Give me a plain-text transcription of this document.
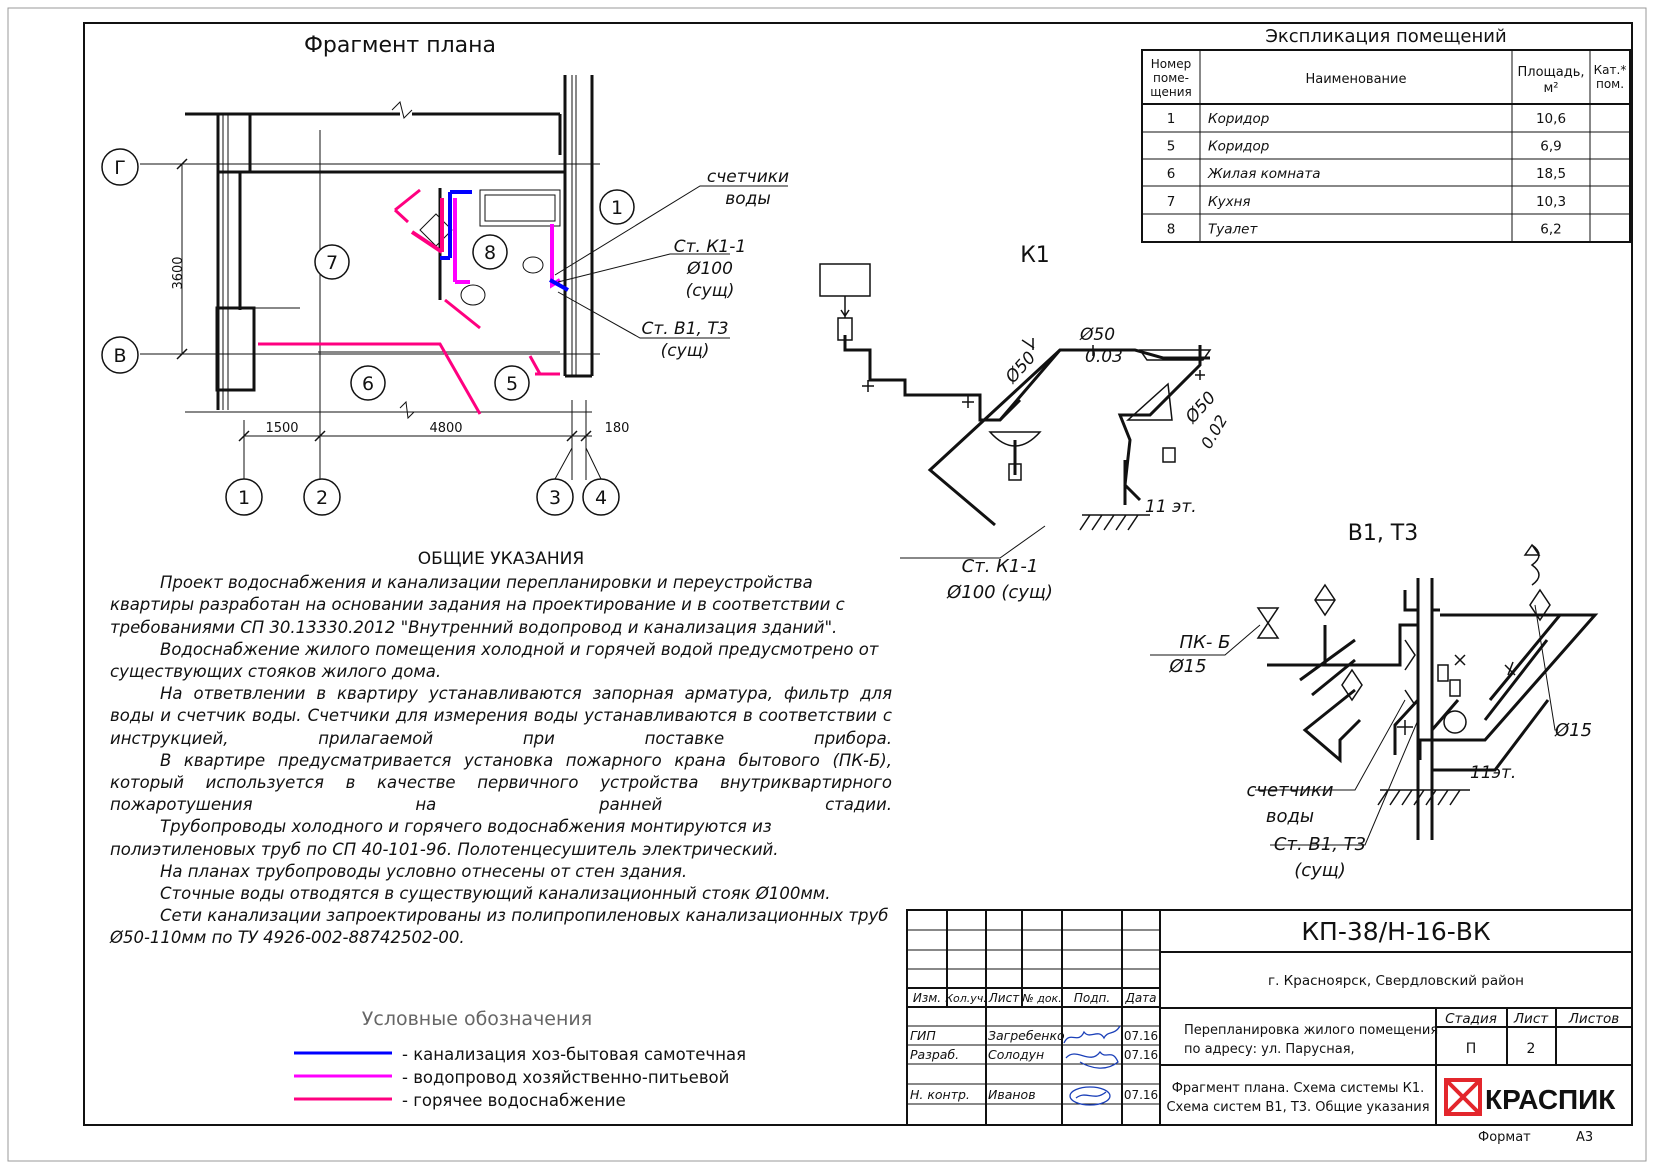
Фрагмент плана
Г
В
1	2	3 4
3600
1500	4800	180
7	8
6	5
1
счетчики
воды
Ст. К1-1
Ø100
(сущ)
Ст. В1, Т3
(сущ)
Экспликация помещений
Номер
поме-
щения
Наименование	Площадь,
м²
Кат.*
пом.
1 Коридор	10,6
5 Коридор	6,9
6 Жилая комната	18,5
7 Кухня	10,3
8 Туалет	6,2
К1
Ø50
Ø50
0.03
Ø50
0.02
11 эт.
Ст. К1-1
Ø100 (сущ)
В1, Т3
ПК- Б
Ø15
Ø15
11эт.
счетчики
воды
Ст. В1, Т3
(сущ)
Условные обозначения
- канализация хоз-бытовая самотечная
- водопровод хозяйственно-питьевой
- горячее водоснабжение
Изм. Кол.уч. Лист № док. Подп. Дата
ГИП	Загребенко	07.16
Разраб. Солодун	07.16
Н. контр. Иванов	07.16
КП-38/Н-16-ВК
г. Красноярск, Свердловский район
Перепланировка жилого помещения
по адресу: ул. Парусная,
Стадия Лист Листов
П	2
Фрагмент плана. Схема системы К1.
Схема систем В1, Т3. Общие указания КРАСПИК
Формат	А3
ОБЩИЕ УКАЗАНИЯ

Проект водоснабжения и канализации перепланировки и переустройства квартиры разработан на основании задания на проектирование и в соответствии с требованиями СП 30.13330.2012 "Внутренний водопровод и канализация зданий".

Водоснабжение жилого помещения холодной и горячей водой предусмотрено от существующих стояков жилого дома.

На ответвлении в квартиру устанавливаются запорная арматура, фильтр для воды и счетчик воды. Счетчики для измерения воды устанавливаются в соответствии с инструкцией, прилагаемой при поставке прибора.

В квартире предусматривается установка пожарного крана бытового (ПК-Б), который используется в качестве первичного устройства внутриквартирного пожаротушения на ранней стадии.

Трубопроводы холодного и горячего водоснабжения монтируются из полиэтиленовых труб по СП 40-101-96. Полотенцесушитель электрический.

На планах трубопроводы условно отнесены от стен здания.

Сточные воды отводятся в существующий канализационный стояк Ø100мм.

Сети канализации запроектированы из полипропиленовых канализационных труб Ø50-110мм по ТУ 4926-002-88742502-00.
